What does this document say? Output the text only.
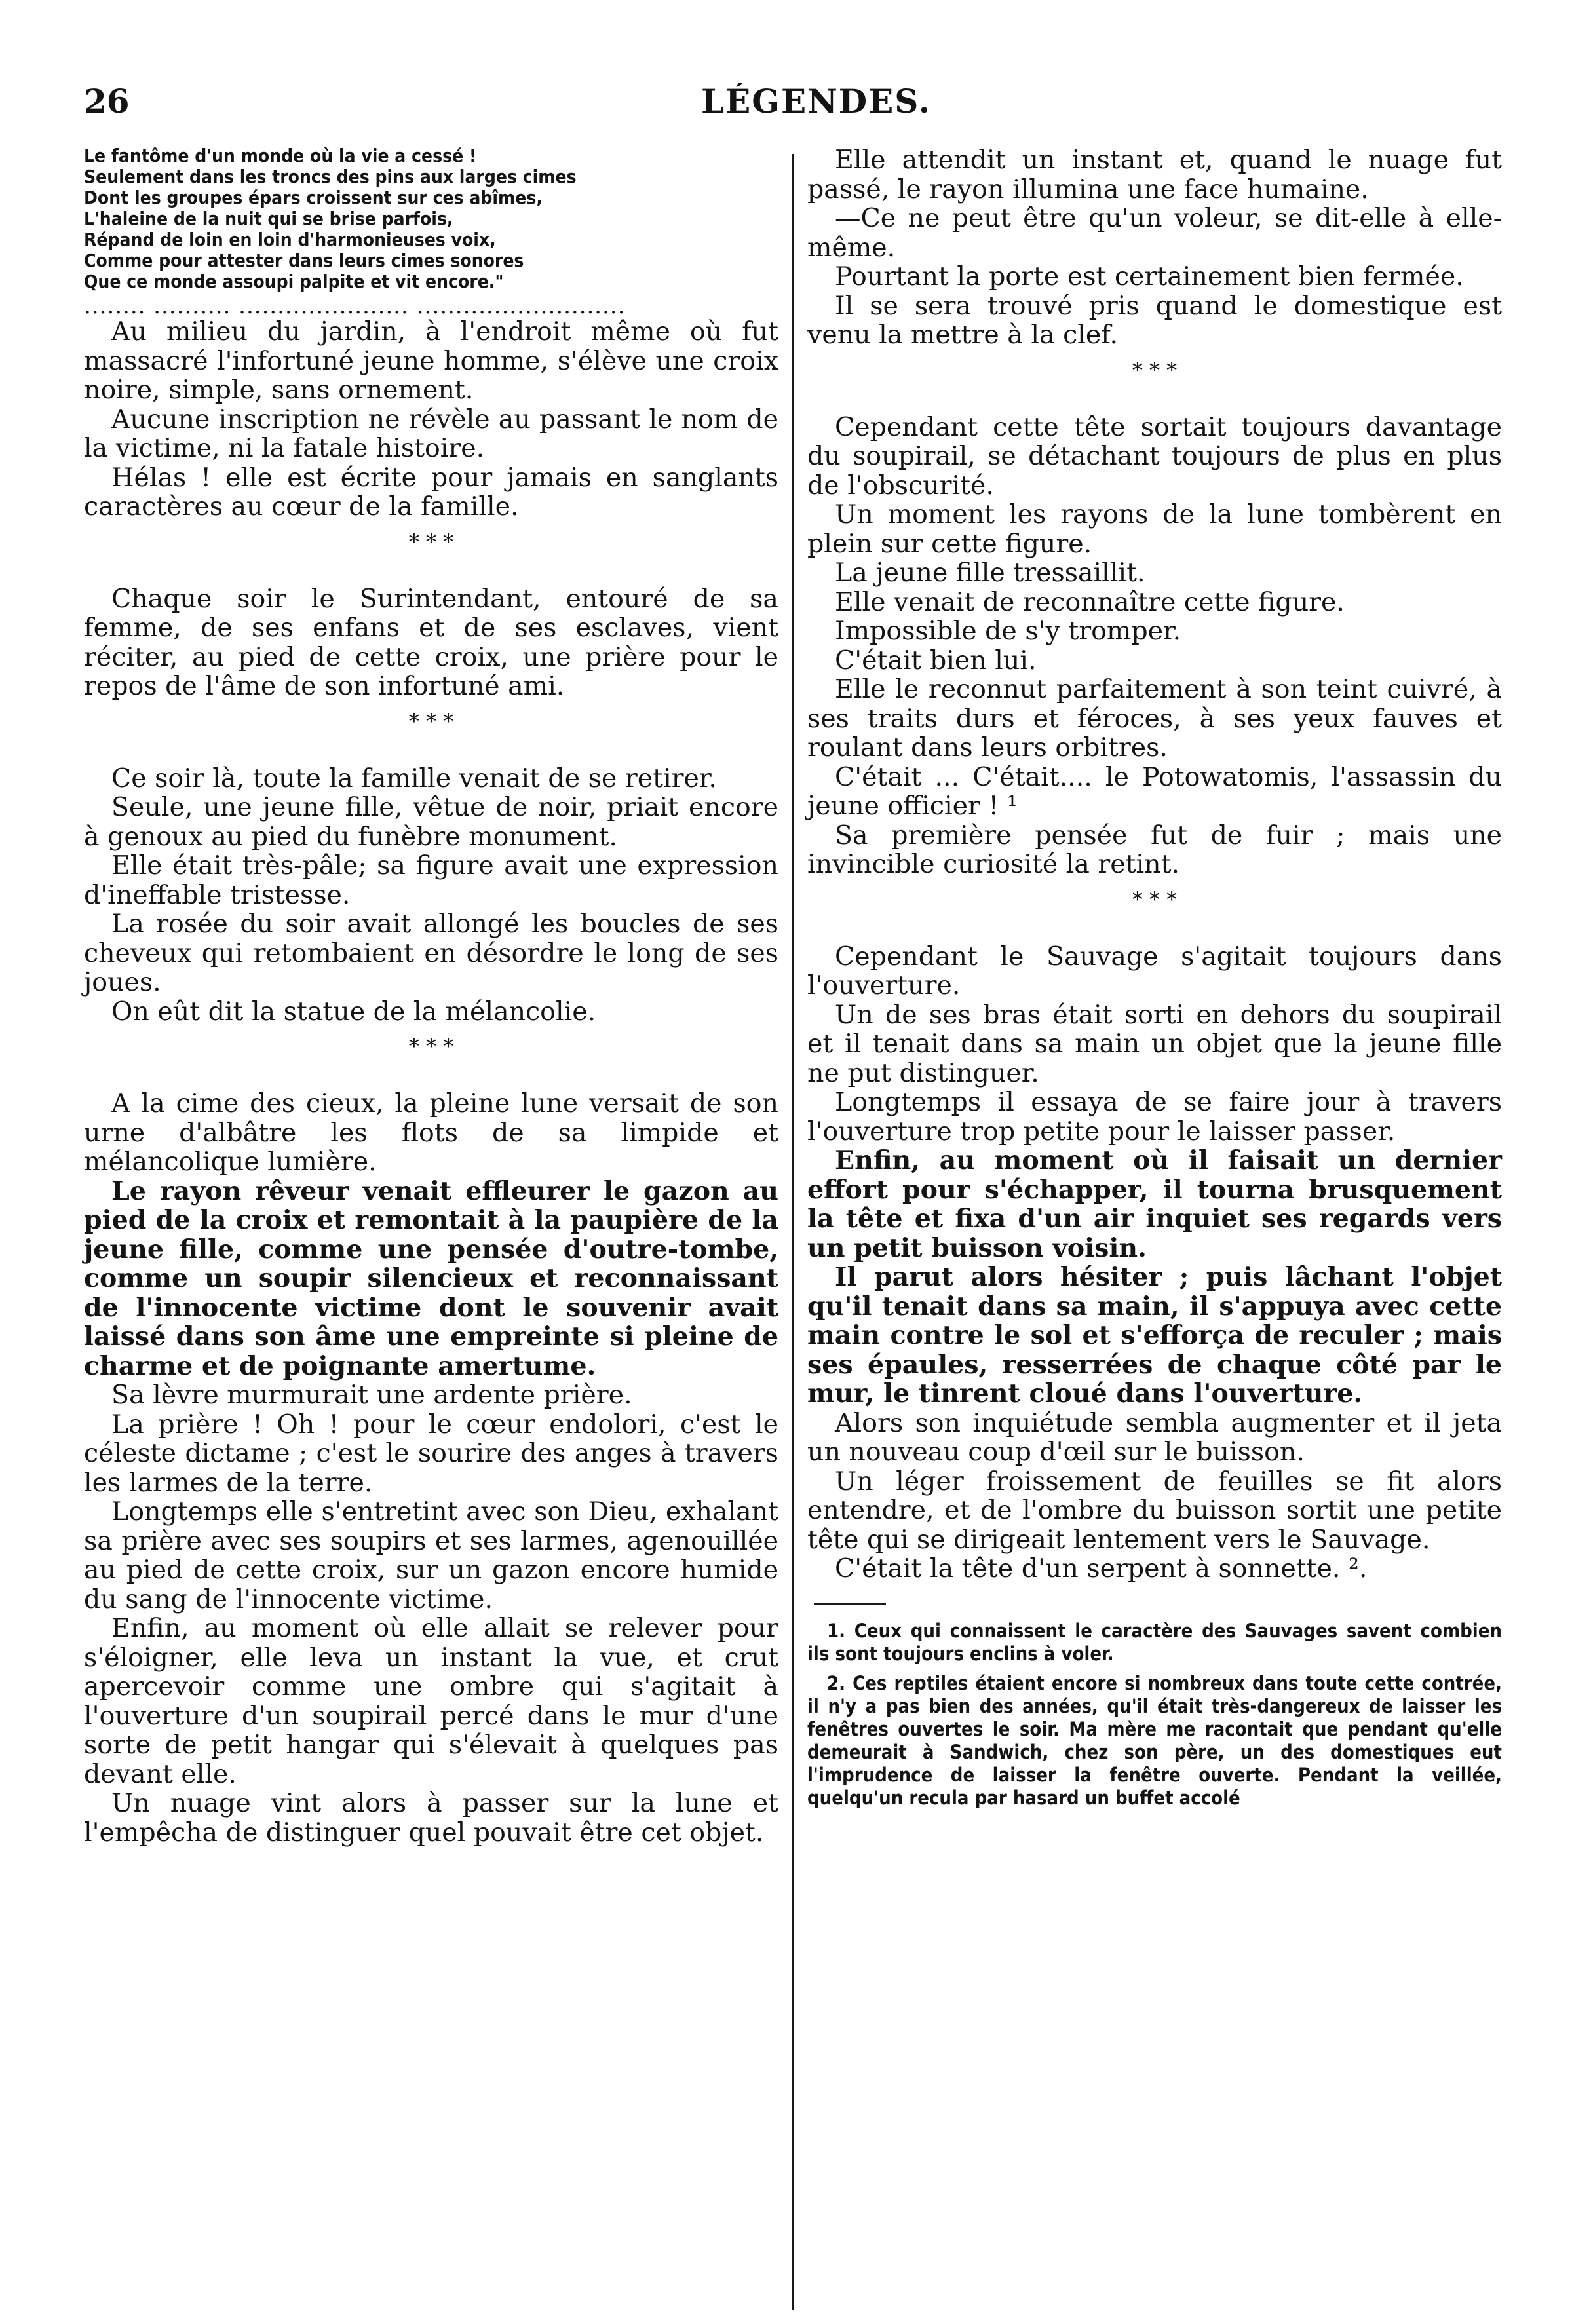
26	LÉGENDES.
Le fantôme d'un monde où la vie a cessé !
Seulement dans les troncs des pins aux larges cimes
Dont les groupes épars croissent sur ces abîmes,
L'haleine de la nuit qui se brise parfois,
Répand de loin en loin d'harmonieuses voix,
Comme pour attester dans leurs cimes sonores
Que ce monde assoupi palpite et vit encore."
........ .......... ...................... ...........................

Au milieu du jardin, à l'endroit même où fut massacré l'infortuné jeune homme, s'élève une croix noire, simple, sans ornement.

Aucune inscription ne révèle au passant le nom de la victime, ni la fatale histoire.

Hélas ! elle est écrite pour jamais en sanglants caractères au cœur de la famille.

* * *

Chaque soir le Surintendant, entouré de sa femme, de ses enfans et de ses esclaves, vient réciter, au pied de cette croix, une prière pour le repos de l'âme de son infortuné ami.

* * *

Ce soir là, toute la famille venait de se retirer.

Seule, une jeune fille, vêtue de noir, priait encore à genoux au pied du funèbre monument.

Elle était très-pâle; sa figure avait une expression d'ineffable tristesse.

La rosée du soir avait allongé les boucles de ses cheveux qui retombaient en désordre le long de ses joues.

On eût dit la statue de la mélancolie.

* * *

A la cime des cieux, la pleine lune versait de son urne d'albâtre les flots de sa limpide et mélancolique lumière.

Le rayon rêveur venait effleurer le gazon au pied de la croix et remontait à la paupière de la jeune fille, comme une pensée d'outre-tombe, comme un soupir silencieux et reconnaissant de l'innocente victime dont le souvenir avait laissé dans son âme une empreinte si pleine de charme et de poignante amertume.

Sa lèvre murmurait une ardente prière.

La prière ! Oh ! pour le cœur endolori, c'est le céleste dictame ; c'est le sourire des anges à travers les larmes de la terre.

Longtemps elle s'entretint avec son Dieu, exhalant sa prière avec ses soupirs et ses larmes, agenouillée au pied de cette croix, sur un gazon encore humide du sang de l'innocente victime.

Enfin, au moment où elle allait se relever pour s'éloigner, elle leva un instant la vue, et crut apercevoir comme une ombre qui s'agitait à l'ouverture d'un soupirail percé dans le mur d'une sorte de petit hangar qui s'élevait à quelques pas devant elle.

Un nuage vint alors à passer sur la lune et l'empêcha de distinguer quel pouvait être cet objet.

Elle attendit un instant et, quand le nuage fut passé, le rayon illumina une face humaine.

—Ce ne peut être qu'un voleur, se dit-elle à elle-même.

Pourtant la porte est certainement bien fermée.

Il se sera trouvé pris quand le domestique est venu la mettre à la clef.

* * *

Cependant cette tête sortait toujours davantage du soupirail, se détachant toujours de plus en plus de l'obscurité.

Un moment les rayons de la lune tombèrent en plein sur cette figure.

La jeune fille tressaillit.

Elle venait de reconnaître cette figure.

Impossible de s'y tromper.

C'était bien lui.

Elle le reconnut parfaitement à son teint cuivré, à ses traits durs et féroces, à ses yeux fauves et roulant dans leurs orbitres.

C'était ... C'était.... le Potowatomis, l'assassin du jeune officier ! ¹

Sa première pensée fut de fuir ; mais une invincible curiosité la retint.

* * *

Cependant le Sauvage s'agitait toujours dans l'ouverture.

Un de ses bras était sorti en dehors du soupirail et il tenait dans sa main un objet que la jeune fille ne put distinguer.

Longtemps il essaya de se faire jour à travers l'ouverture trop petite pour le laisser passer.

Enfin, au moment où il faisait un dernier effort pour s'échapper, il tourna brusquement la tête et fixa d'un air inquiet ses regards vers un petit buisson voisin.

Il parut alors hésiter ; puis lâchant l'objet qu'il tenait dans sa main, il s'appuya avec cette main contre le sol et s'efforça de reculer ; mais ses épaules, resserrées de chaque côté par le mur, le tinrent cloué dans l'ouverture.

Alors son inquiétude sembla augmenter et il jeta un nouveau coup d'œil sur le buisson.

Un léger froissement de feuilles se fit alors entendre, et de l'ombre du buisson sortit une petite tête qui se dirigeait lentement vers le Sauvage.

C'était la tête d'un serpent à sonnette. ².

1. Ceux qui connaissent le caractère des Sauvages savent combien ils sont toujours enclins à voler.

2. Ces reptiles étaient encore si nombreux dans toute cette contrée, il n'y a pas bien des années, qu'il était très-dangereux de laisser les fenêtres ouvertes le soir. Ma mère me racontait que pendant qu'elle demeurait à Sandwich, chez son père, un des domestiques eut l'imprudence de laisser la fenêtre ouverte. Pendant la veillée, quelqu'un recula par hasard un buffet accolé
